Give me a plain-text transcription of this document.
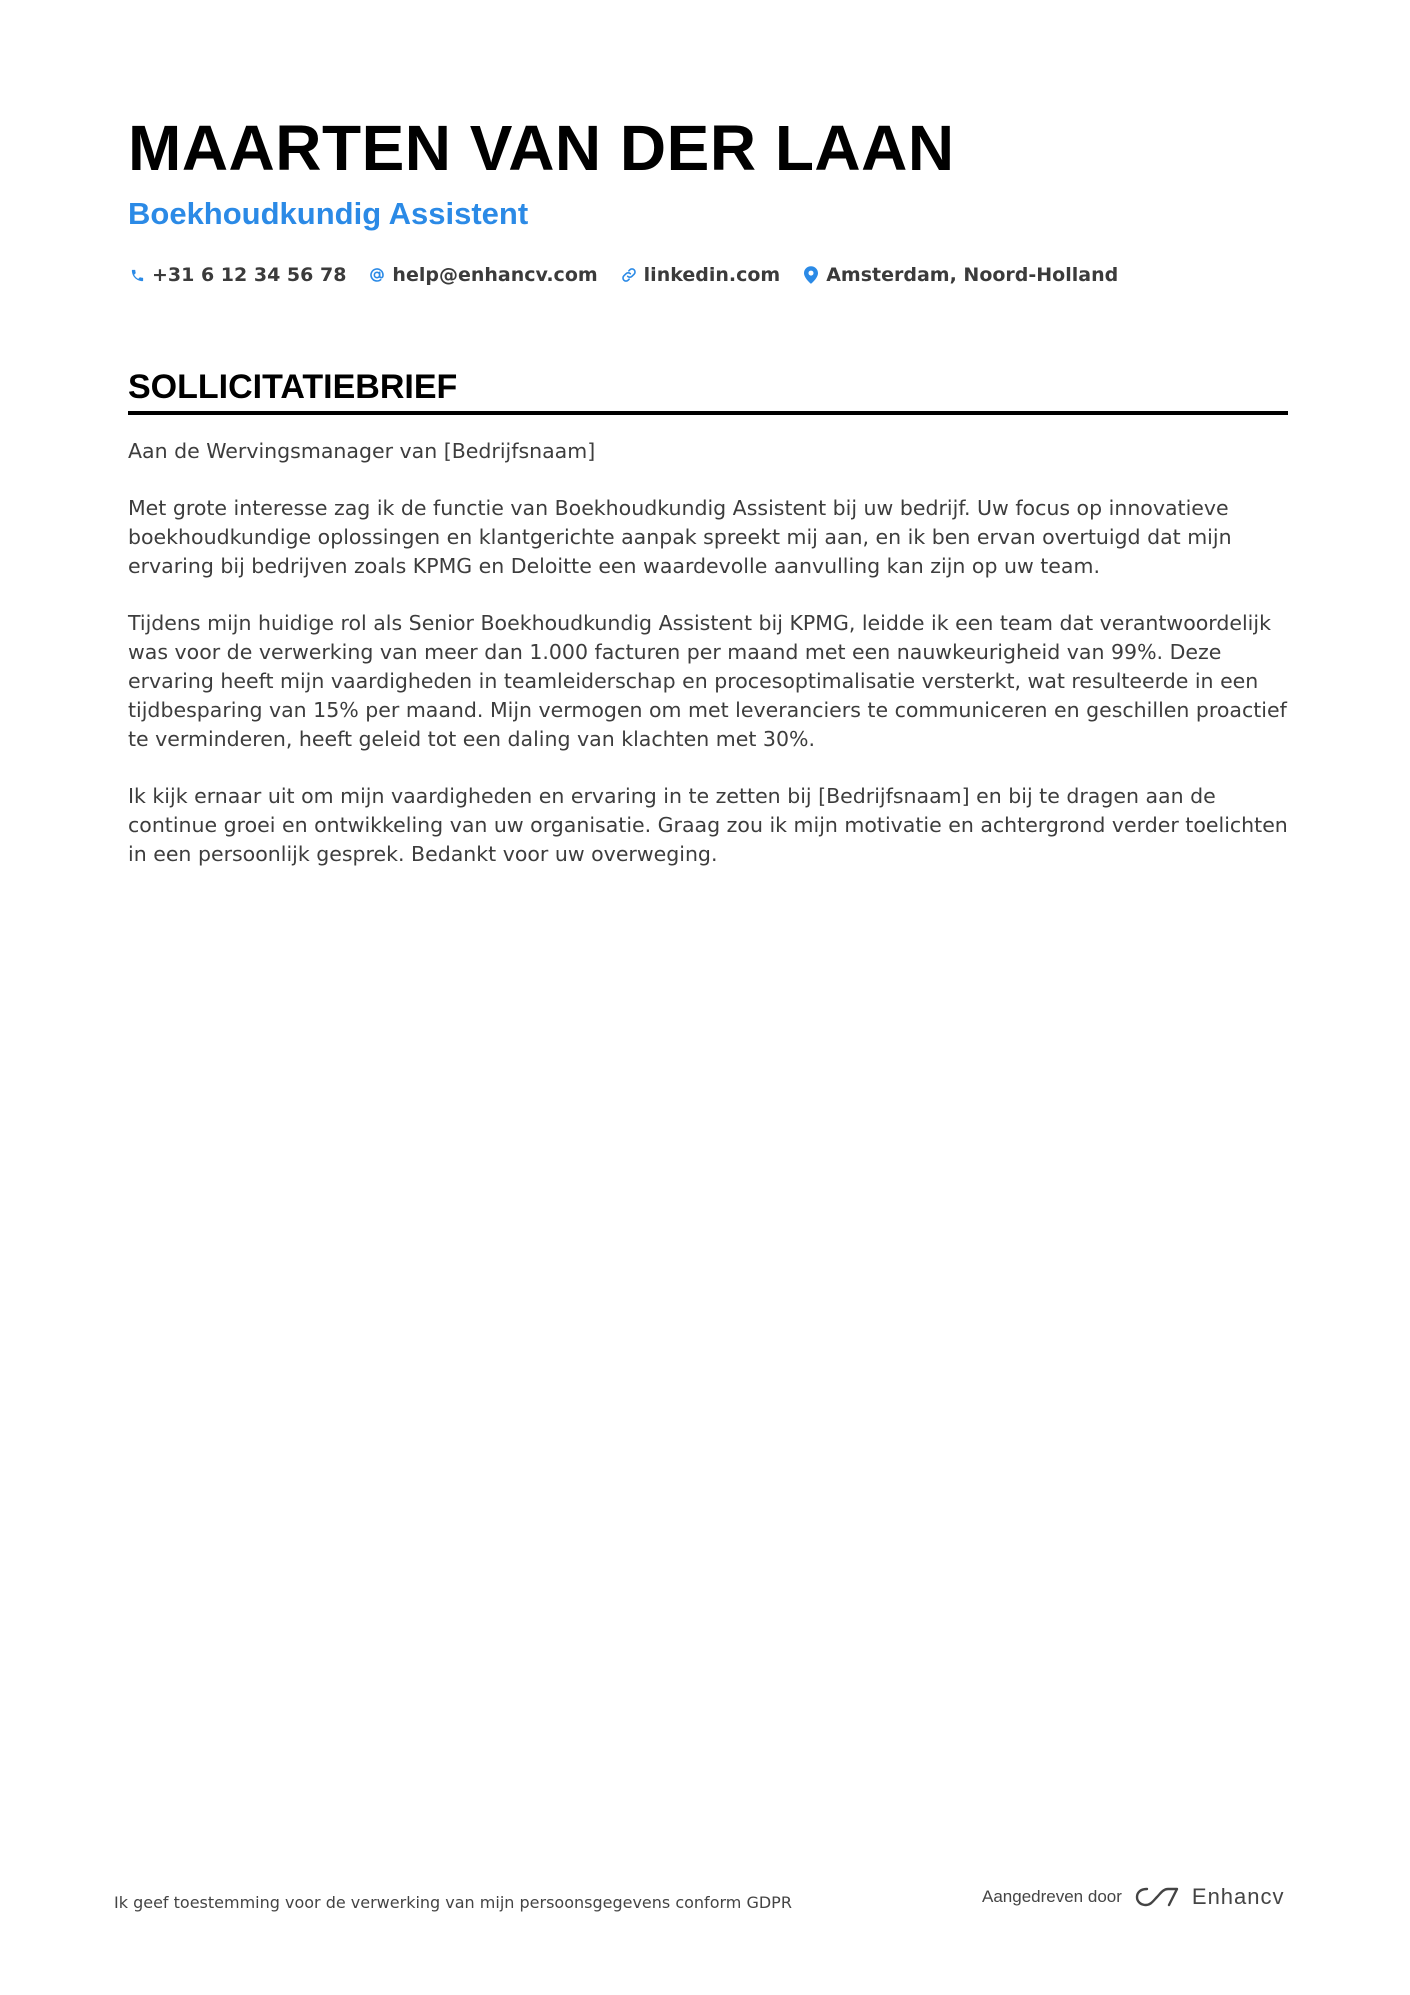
MAARTEN VAN DER LAAN
Boekhoudkundig Assistent
+31 6 12 34 56 78 help@enhancv.com linkedin.com Amsterdam, Noord-Holland
SOLLICITATIEBRIEF

Aan de Wervingsmanager van [Bedrijfsnaam]

Met grote interesse zag ik de functie van Boekhoudkundig Assistent bij uw bedrijf. Uw focus op innovatieve boekhoudkundige oplossingen en klantgerichte aanpak spreekt mij aan, en ik ben ervan overtuigd dat mijn ervaring bij bedrijven zoals KPMG en Deloitte een waardevolle aanvulling kan zijn op uw team.

Tijdens mijn huidige rol als Senior Boekhoudkundig Assistent bij KPMG, leidde ik een team dat verantwoordelijk was voor de verwerking van meer dan 1.000 facturen per maand met een nauwkeurigheid van 99%. Deze ervaring heeft mijn vaardigheden in teamleiderschap en procesoptimalisatie versterkt, wat resulteerde in een tijdbesparing van 15% per maand. Mijn vermogen om met leveranciers te communiceren en geschillen proactief te verminderen, heeft geleid tot een daling van klachten met 30%.

Ik kijk ernaar uit om mijn vaardigheden en ervaring in te zetten bij [Bedrijfsnaam] en bij te dragen aan de continue groei en ontwikkeling van uw organisatie. Graag zou ik mijn motivatie en achtergrond verder toelichten in een persoonlijk gesprek. Bedankt voor uw overweging.

Ik geef toestemming voor de verwerking van mijn persoonsgegevens conform GDPR	Aangedreven door	Enhancv
